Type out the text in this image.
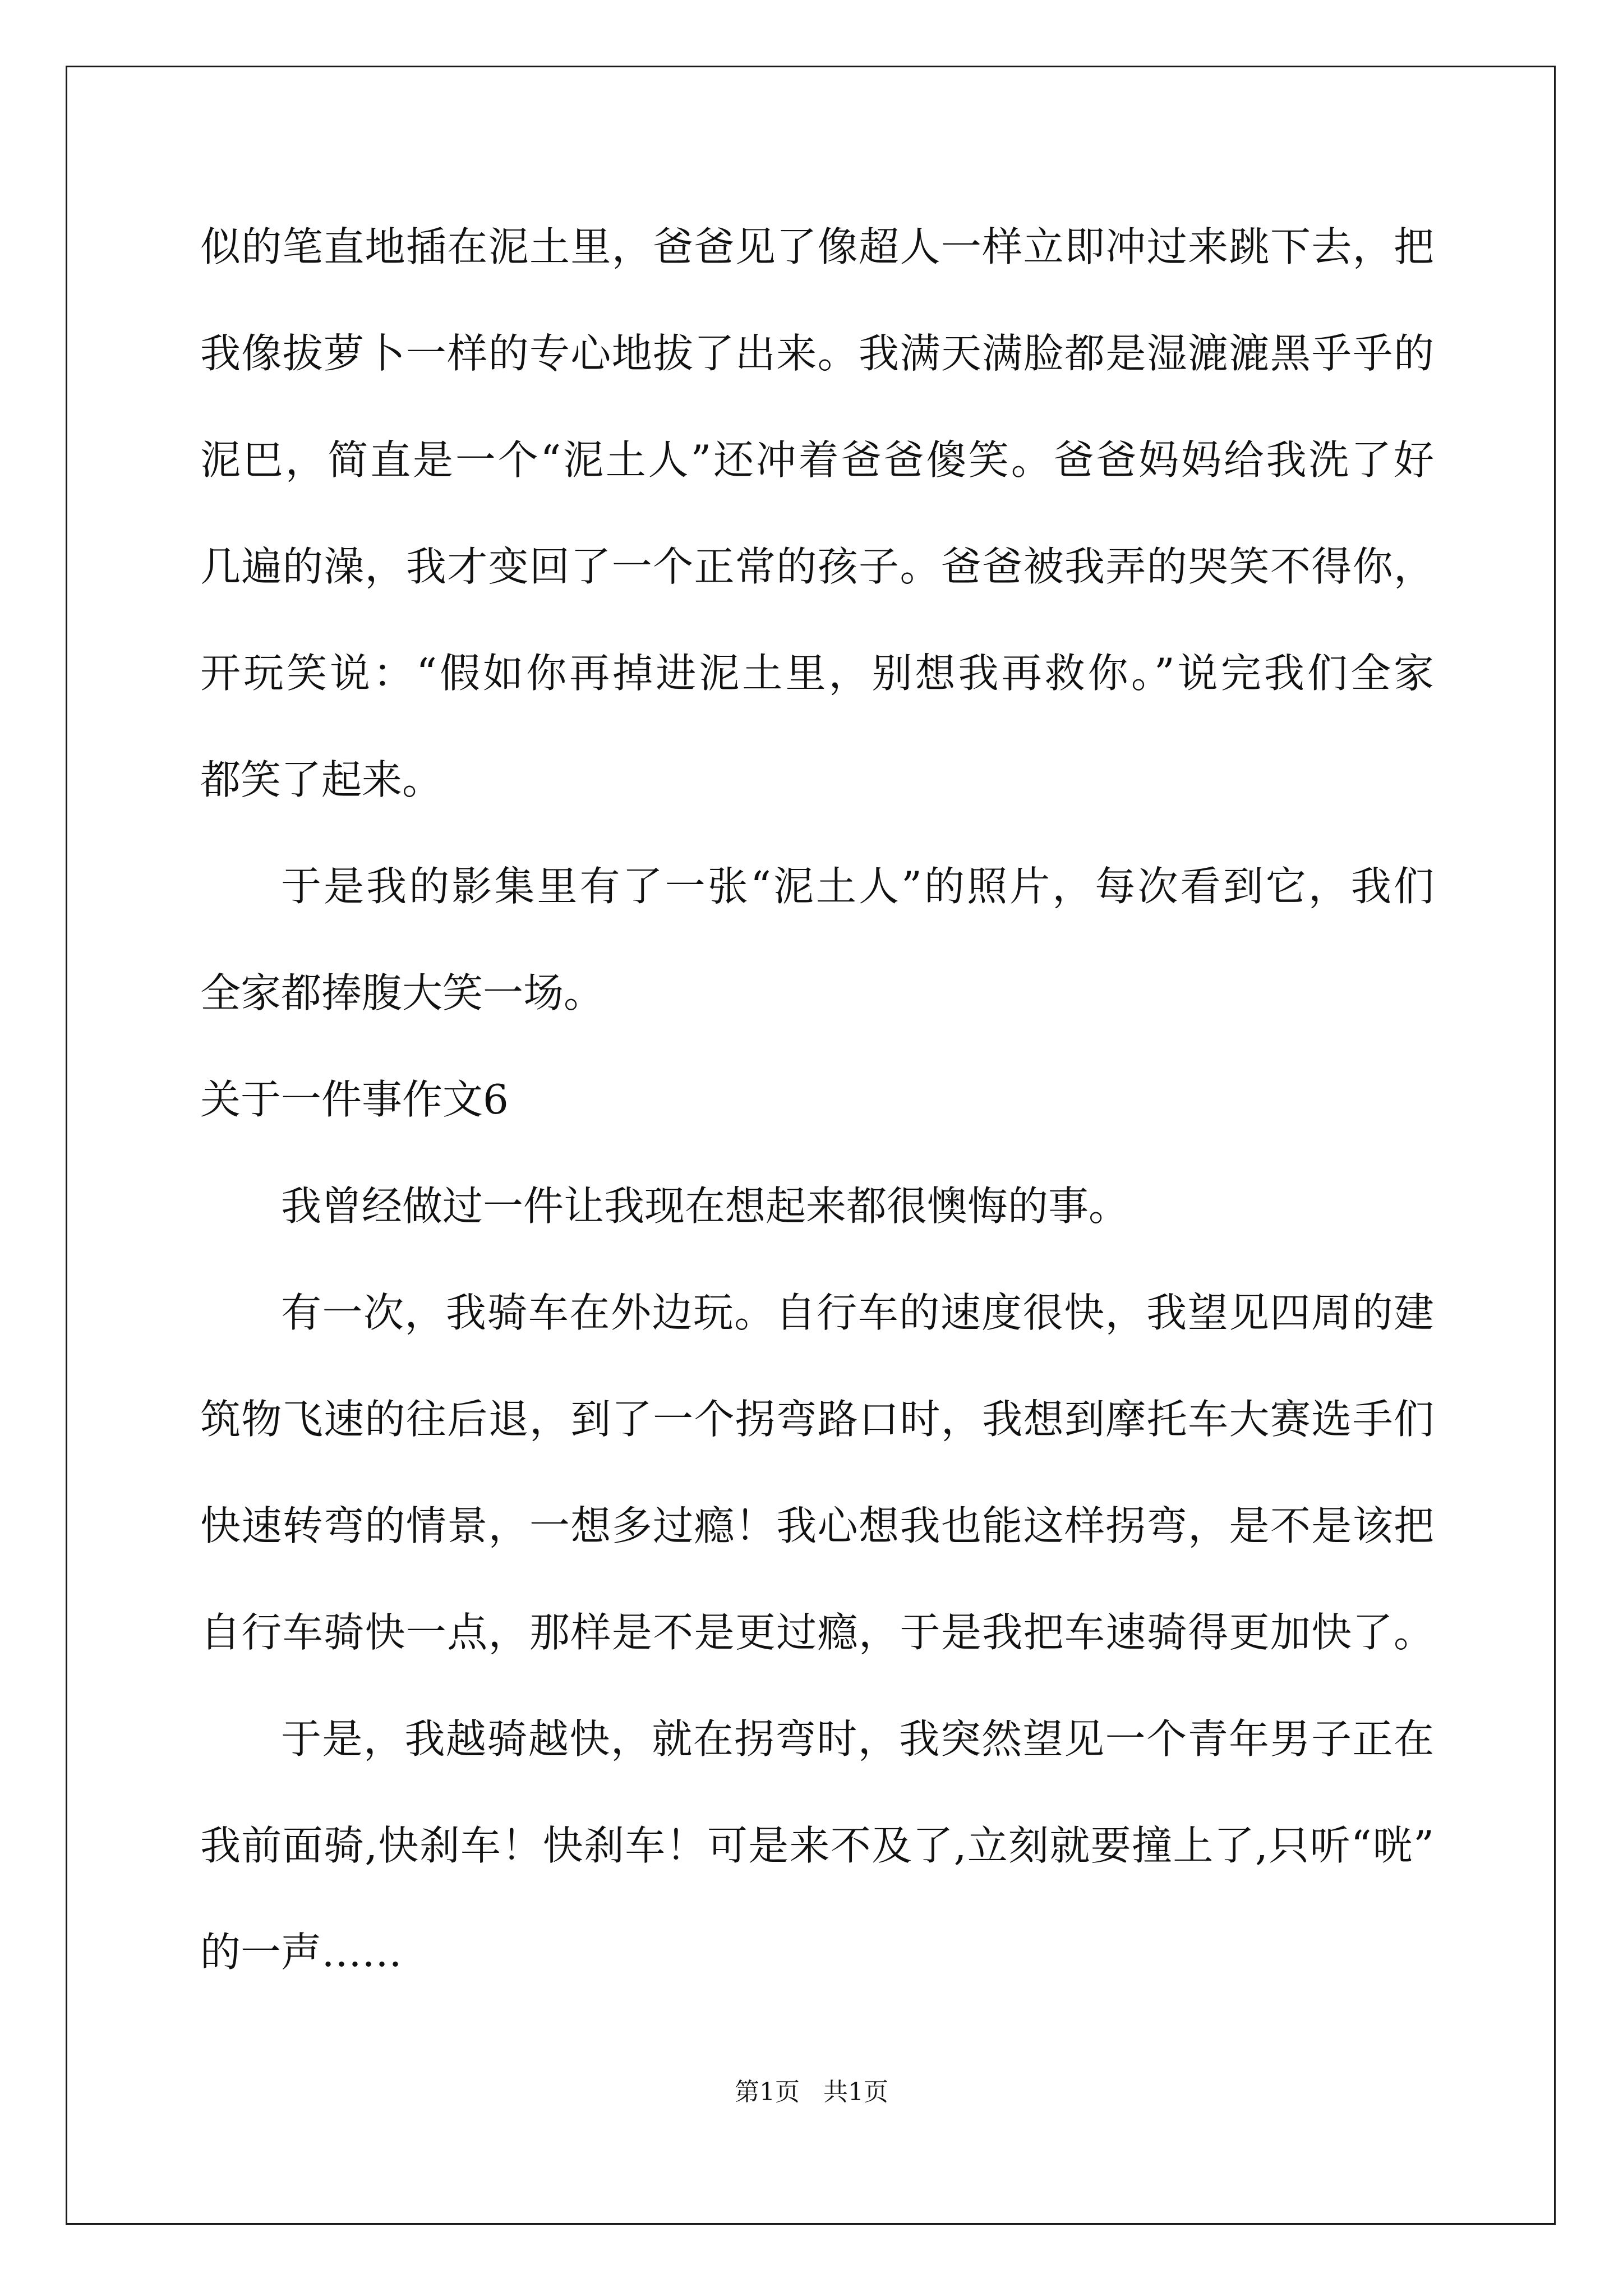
似的笔直地插在泥土里，爸爸见了像超人一样立即冲过来跳下去，把
我像拔萝卜一样的专心地拔了出来。我满天满脸都是湿漉漉黑乎乎的
泥巴，简直是一个“泥土人”还冲着爸爸傻笑。爸爸妈妈给我洗了好
几遍的澡，我才变回了一个正常的孩子。爸爸被我弄的哭笑不得你，
开玩笑说：“假如你再掉进泥土里，别想我再救你。”说完我们全家
都笑了起来。
于是我的影集里有了一张“泥土人”的照片，每次看到它，我们
全家都捧腹大笑一场。
关于一件事作文6
我曾经做过一件让我现在想起来都很懊悔的事。
有一次，我骑车在外边玩。自行车的速度很快，我望见四周的建
筑物飞速的往后退，到了一个拐弯路口时，我想到摩托车大赛选手们
快速转弯的情景，一想多过瘾！我心想我也能这样拐弯，是不是该把
自行车骑快一点，那样是不是更过瘾，于是我把车速骑得更加快了。
于是，我越骑越快，就在拐弯时，我突然望见一个青年男子正在
我前面骑,快刹车！快刹车！可是来不及了,立刻就要撞上了,只听“咣”
的一声……
第1页   共1页
